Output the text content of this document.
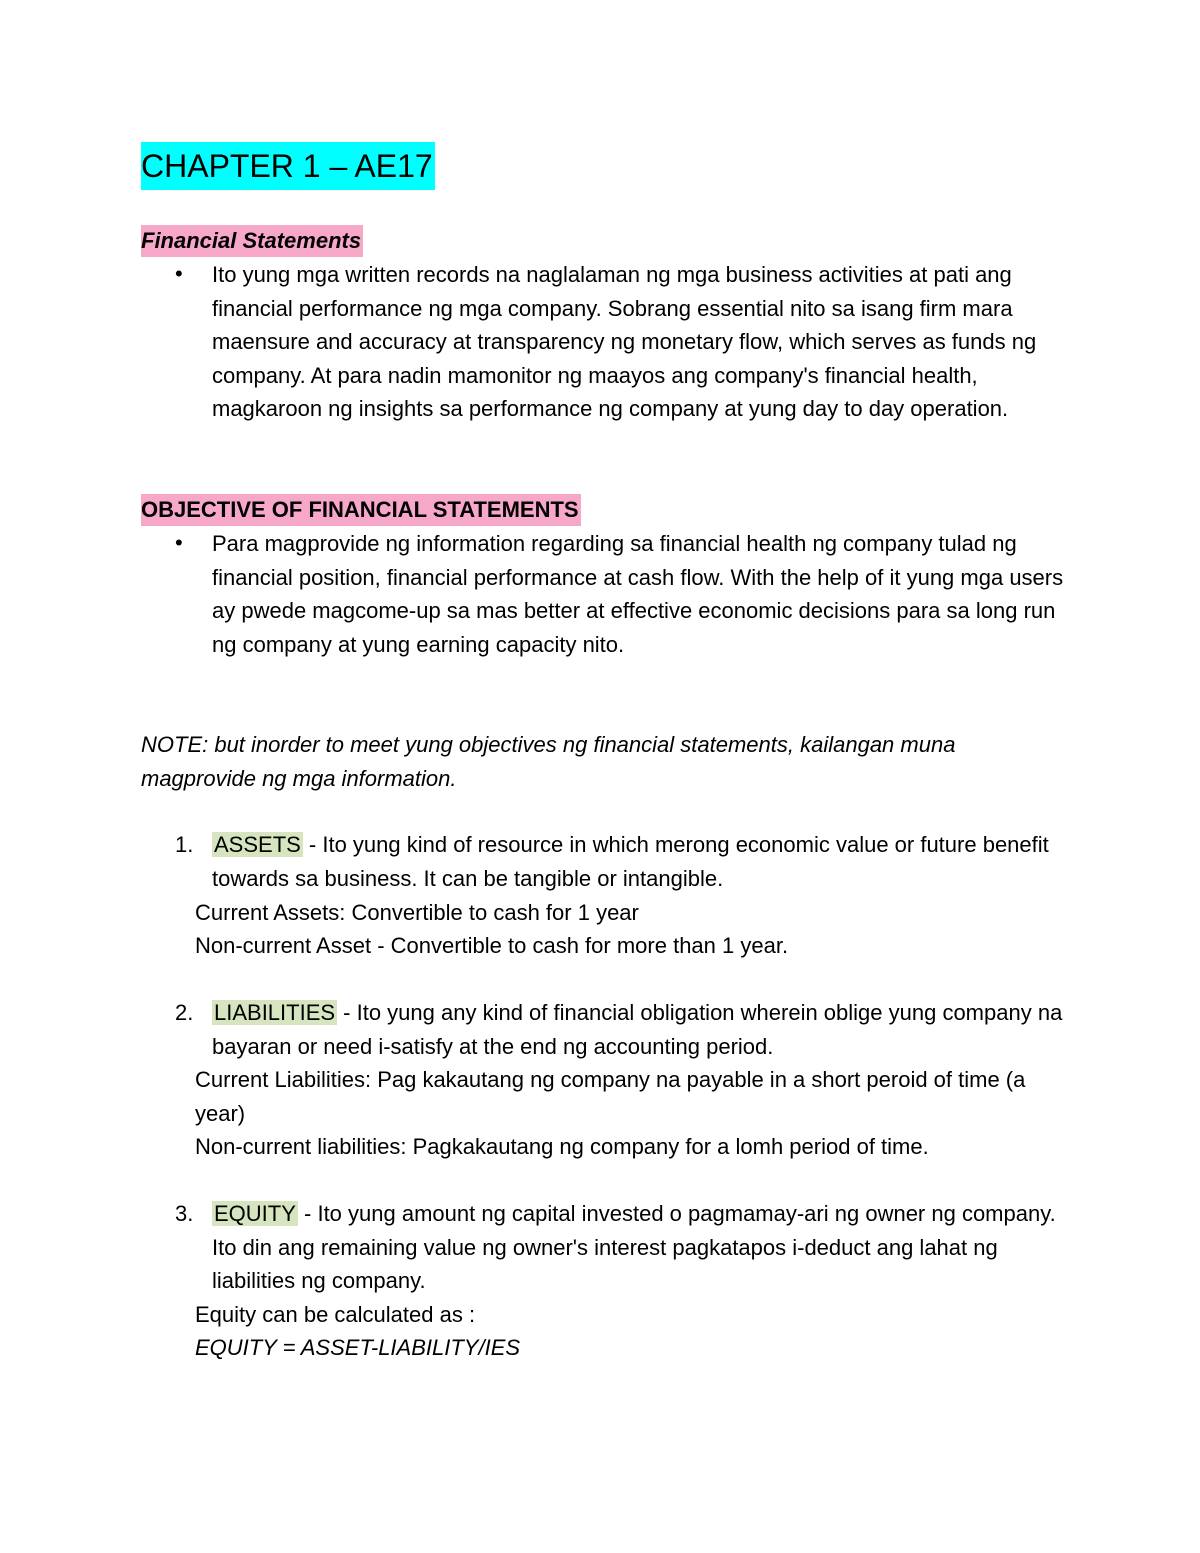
CHAPTER 1 – AE17
Financial Statements
• Ito yung mga written records na naglalaman ng mga business activities at pati ang financial performance ng mga company. Sobrang essential nito sa isang firm mara maensure and accuracy at transparency ng monetary flow, which serves as funds ng company. At para nadin mamonitor ng maayos ang company's financial health, magkaroon ng insights sa performance ng company at yung day to day operation.
OBJECTIVE OF FINANCIAL STATEMENTS
• Para magprovide ng information regarding sa financial health ng company tulad ng financial position, financial performance at cash flow. With the help of it yung mga users ay pwede magcome-up sa mas better at effective economic decisions para sa long run ng company at yung earning capacity nito.
NOTE: but inorder to meet yung objectives ng financial statements, kailangan muna magprovide ng mga information.
1. ASSETS - Ito yung kind of resource in which merong economic value or future benefit towards sa business. It can be tangible or intangible.
Current Assets: Convertible to cash for 1 year
Non-current Asset - Convertible to cash for more than 1 year.
2. LIABILITIES - Ito yung any kind of financial obligation wherein oblige yung company na bayaran or need i-satisfy at the end ng accounting period.
Current Liabilities: Pag kakautang ng company na payable in a short peroid of time (a year)
Non-current liabilities: Pagkakautang ng company for a lomh period of time.
3. EQUITY - Ito yung amount ng capital invested o pagmamay-ari ng owner ng company. Ito din ang remaining value ng owner's interest pagkatapos i-deduct ang lahat ng liabilities ng company.
Equity can be calculated as :
EQUITY = ASSET-LIABILITY/IES
